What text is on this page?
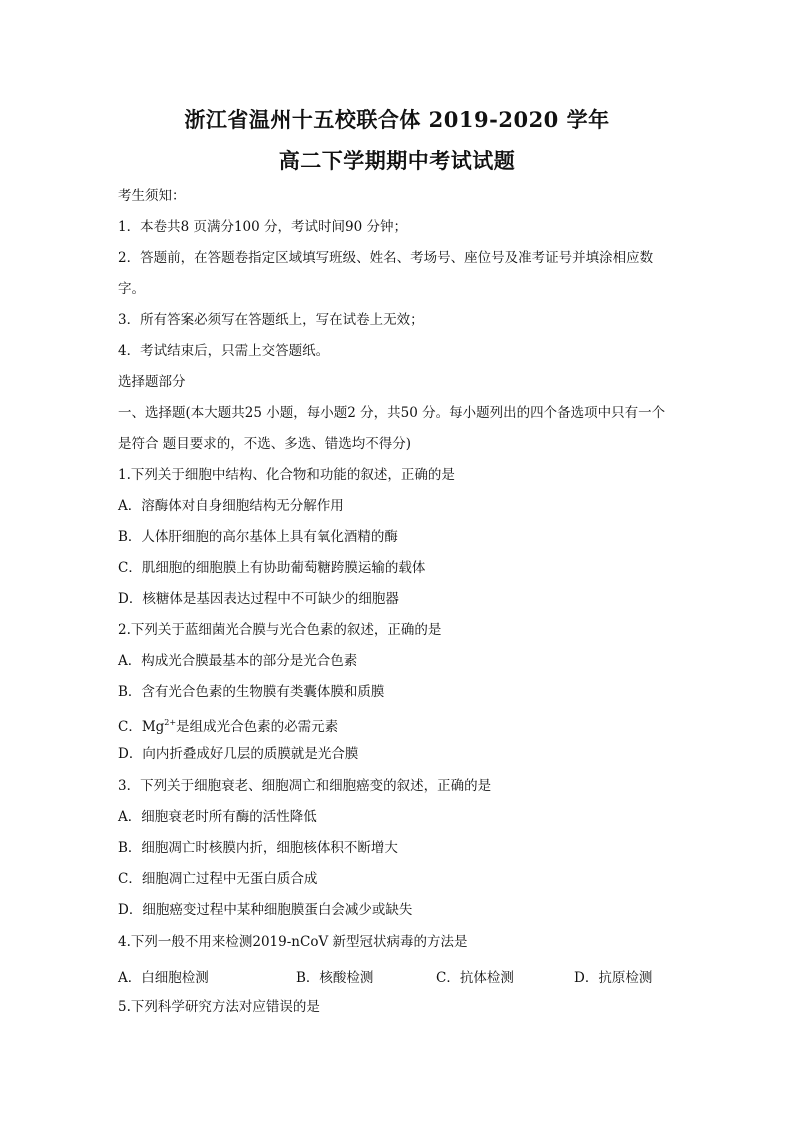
浙江省温州十五校联合体 2019-2020 学年
高二下学期期中考试试题
考生须知：
1．本卷共8 页满分100 分，考试时间90 分钟；
2．答题前，在答题卷指定区域填写班级、姓名、考场号、座位号及准考证号并填涂相应数
字。
3．所有答案必须写在答题纸上，写在试卷上无效；
4．考试结束后，只需上交答题纸。
选择题部分
一、选择题(本大题共25 小题，每小题2 分，共50 分。每小题列出的四个备选项中只有一个
是符合 题目要求的，不选、多选、错选均不得分)
1.下列关于细胞中结构、化合物和功能的叙述，正确的是
A．溶酶体对自身细胞结构无分解作用
B．人体肝细胞的高尔基体上具有氧化酒精的酶
C．肌细胞的细胞膜上有协助葡萄糖跨膜运输的载体
D．核糖体是基因表达过程中不可缺少的细胞器
2.下列关于蓝细菌光合膜与光合色素的叙述，正确的是
A．构成光合膜最基本的部分是光合色素
B．含有光合色素的生物膜有类囊体膜和质膜
C．$Mg^{2+}$是组成光合色素的必需元素
D．向内折叠成好几层的质膜就是光合膜
3．下列关于细胞衰老、细胞凋亡和细胞癌变的叙述，正确的是
A．细胞衰老时所有酶的活性降低
B．细胞凋亡时核膜内折，细胞核体积不断增大
C．细胞凋亡过程中无蛋白质合成
D．细胞癌变过程中某种细胞膜蛋白会减少或缺失
4.下列一般不用来检测2019-nCoV 新型冠状病毒的方法是
A．白细胞检测	B．核酸检测	C．抗体检测	D．抗原检测
5.下列科学研究方法对应错误的是
